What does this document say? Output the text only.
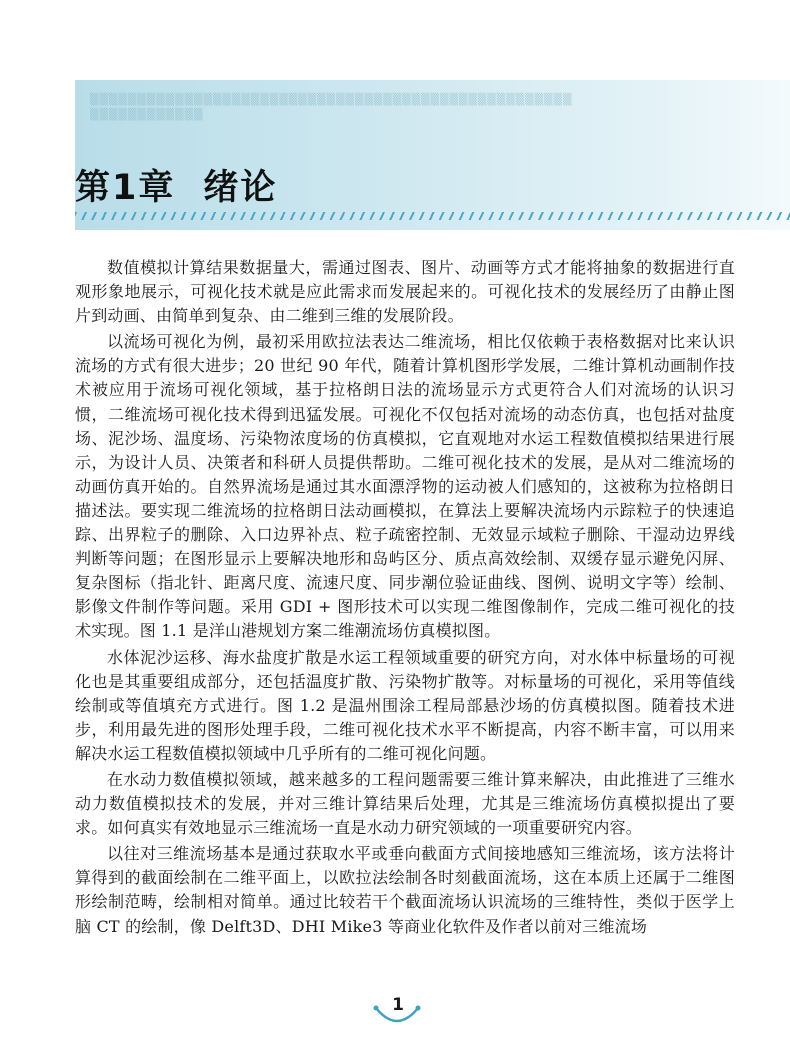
▒▒▒▒▒▒▒▒▒▒▒▒▒▒▒▒▒▒▒▒▒▒▒▒▒▒▒▒▒▒▒▒▒▒▒▒▒▒▒▒▒▒▒▒▒▒▒▒▒▒▒
▒▒▒▒▒▒▒▒▒▒▒▒
第1章 绪论

数值模拟计算结果数据量大，需通过图表、图片、动画等方式才能将抽象的数据进行直观形象地展示，可视化技术就是应此需求而发展起来的。可视化技术的发展经历了由静止图片到动画、由简单到复杂、由二维到三维的发展阶段。

以流场可视化为例，最初采用欧拉法表达二维流场，相比仅依赖于表格数据对比来认识流场的方式有很大进步；20 世纪 90 年代，随着计算机图形学发展，二维计算机动画制作技术被应用于流场可视化领域，基于拉格朗日法的流场显示方式更符合人们对流场的认识习惯，二维流场可视化技术得到迅猛发展。可视化不仅包括对流场的动态仿真，也包括对盐度场、泥沙场、温度场、污染物浓度场的仿真模拟，它直观地对水运工程数值模拟结果进行展示，为设计人员、决策者和科研人员提供帮助。二维可视化技术的发展，是从对二维流场的动画仿真开始的。自然界流场是通过其水面漂浮物的运动被人们感知的，这被称为拉格朗日描述法。要实现二维流场的拉格朗日法动画模拟，在算法上要解决流场内示踪粒子的快速追踪、出界粒子的删除、入口边界补点、粒子疏密控制、无效显示域粒子删除、干湿动边界线判断等问题；在图形显示上要解决地形和岛屿区分、质点高效绘制、双缓存显示避免闪屏、复杂图标（指北针、距离尺度、流速尺度、同步潮位验证曲线、图例、说明文字等）绘制、影像文件制作等问题。采用 GDI + 图形技术可以实现二维图像制作，完成二维可视化的技术实现。图 1.1 是洋山港规划方案二维潮流场仿真模拟图。

水体泥沙运移、海水盐度扩散是水运工程领域重要的研究方向，对水体中标量场的可视化也是其重要组成部分，还包括温度扩散、污染物扩散等。对标量场的可视化，采用等值线绘制或等值填充方式进行。图 1.2 是温州围涂工程局部悬沙场的仿真模拟图。随着技术进步，利用最先进的图形处理手段，二维可视化技术水平不断提高，内容不断丰富，可以用来解决水运工程数值模拟领域中几乎所有的二维可视化问题。

在水动力数值模拟领域，越来越多的工程问题需要三维计算来解决，由此推进了三维水动力数值模拟技术的发展，并对三维计算结果后处理，尤其是三维流场仿真模拟提出了要求。如何真实有效地显示三维流场一直是水动力研究领域的一项重要研究内容。

以往对三维流场基本是通过获取水平或垂向截面方式间接地感知三维流场，该方法将计算得到的截面绘制在二维平面上，以欧拉法绘制各时刻截面流场，这在本质上还属于二维图形绘制范畴，绘制相对简单。通过比较若干个截面流场认识流场的三维特性，类似于医学上脑 CT 的绘制，像 Delft3D、DHI Mike3 等商业化软件及作者以前对三维流场

1
